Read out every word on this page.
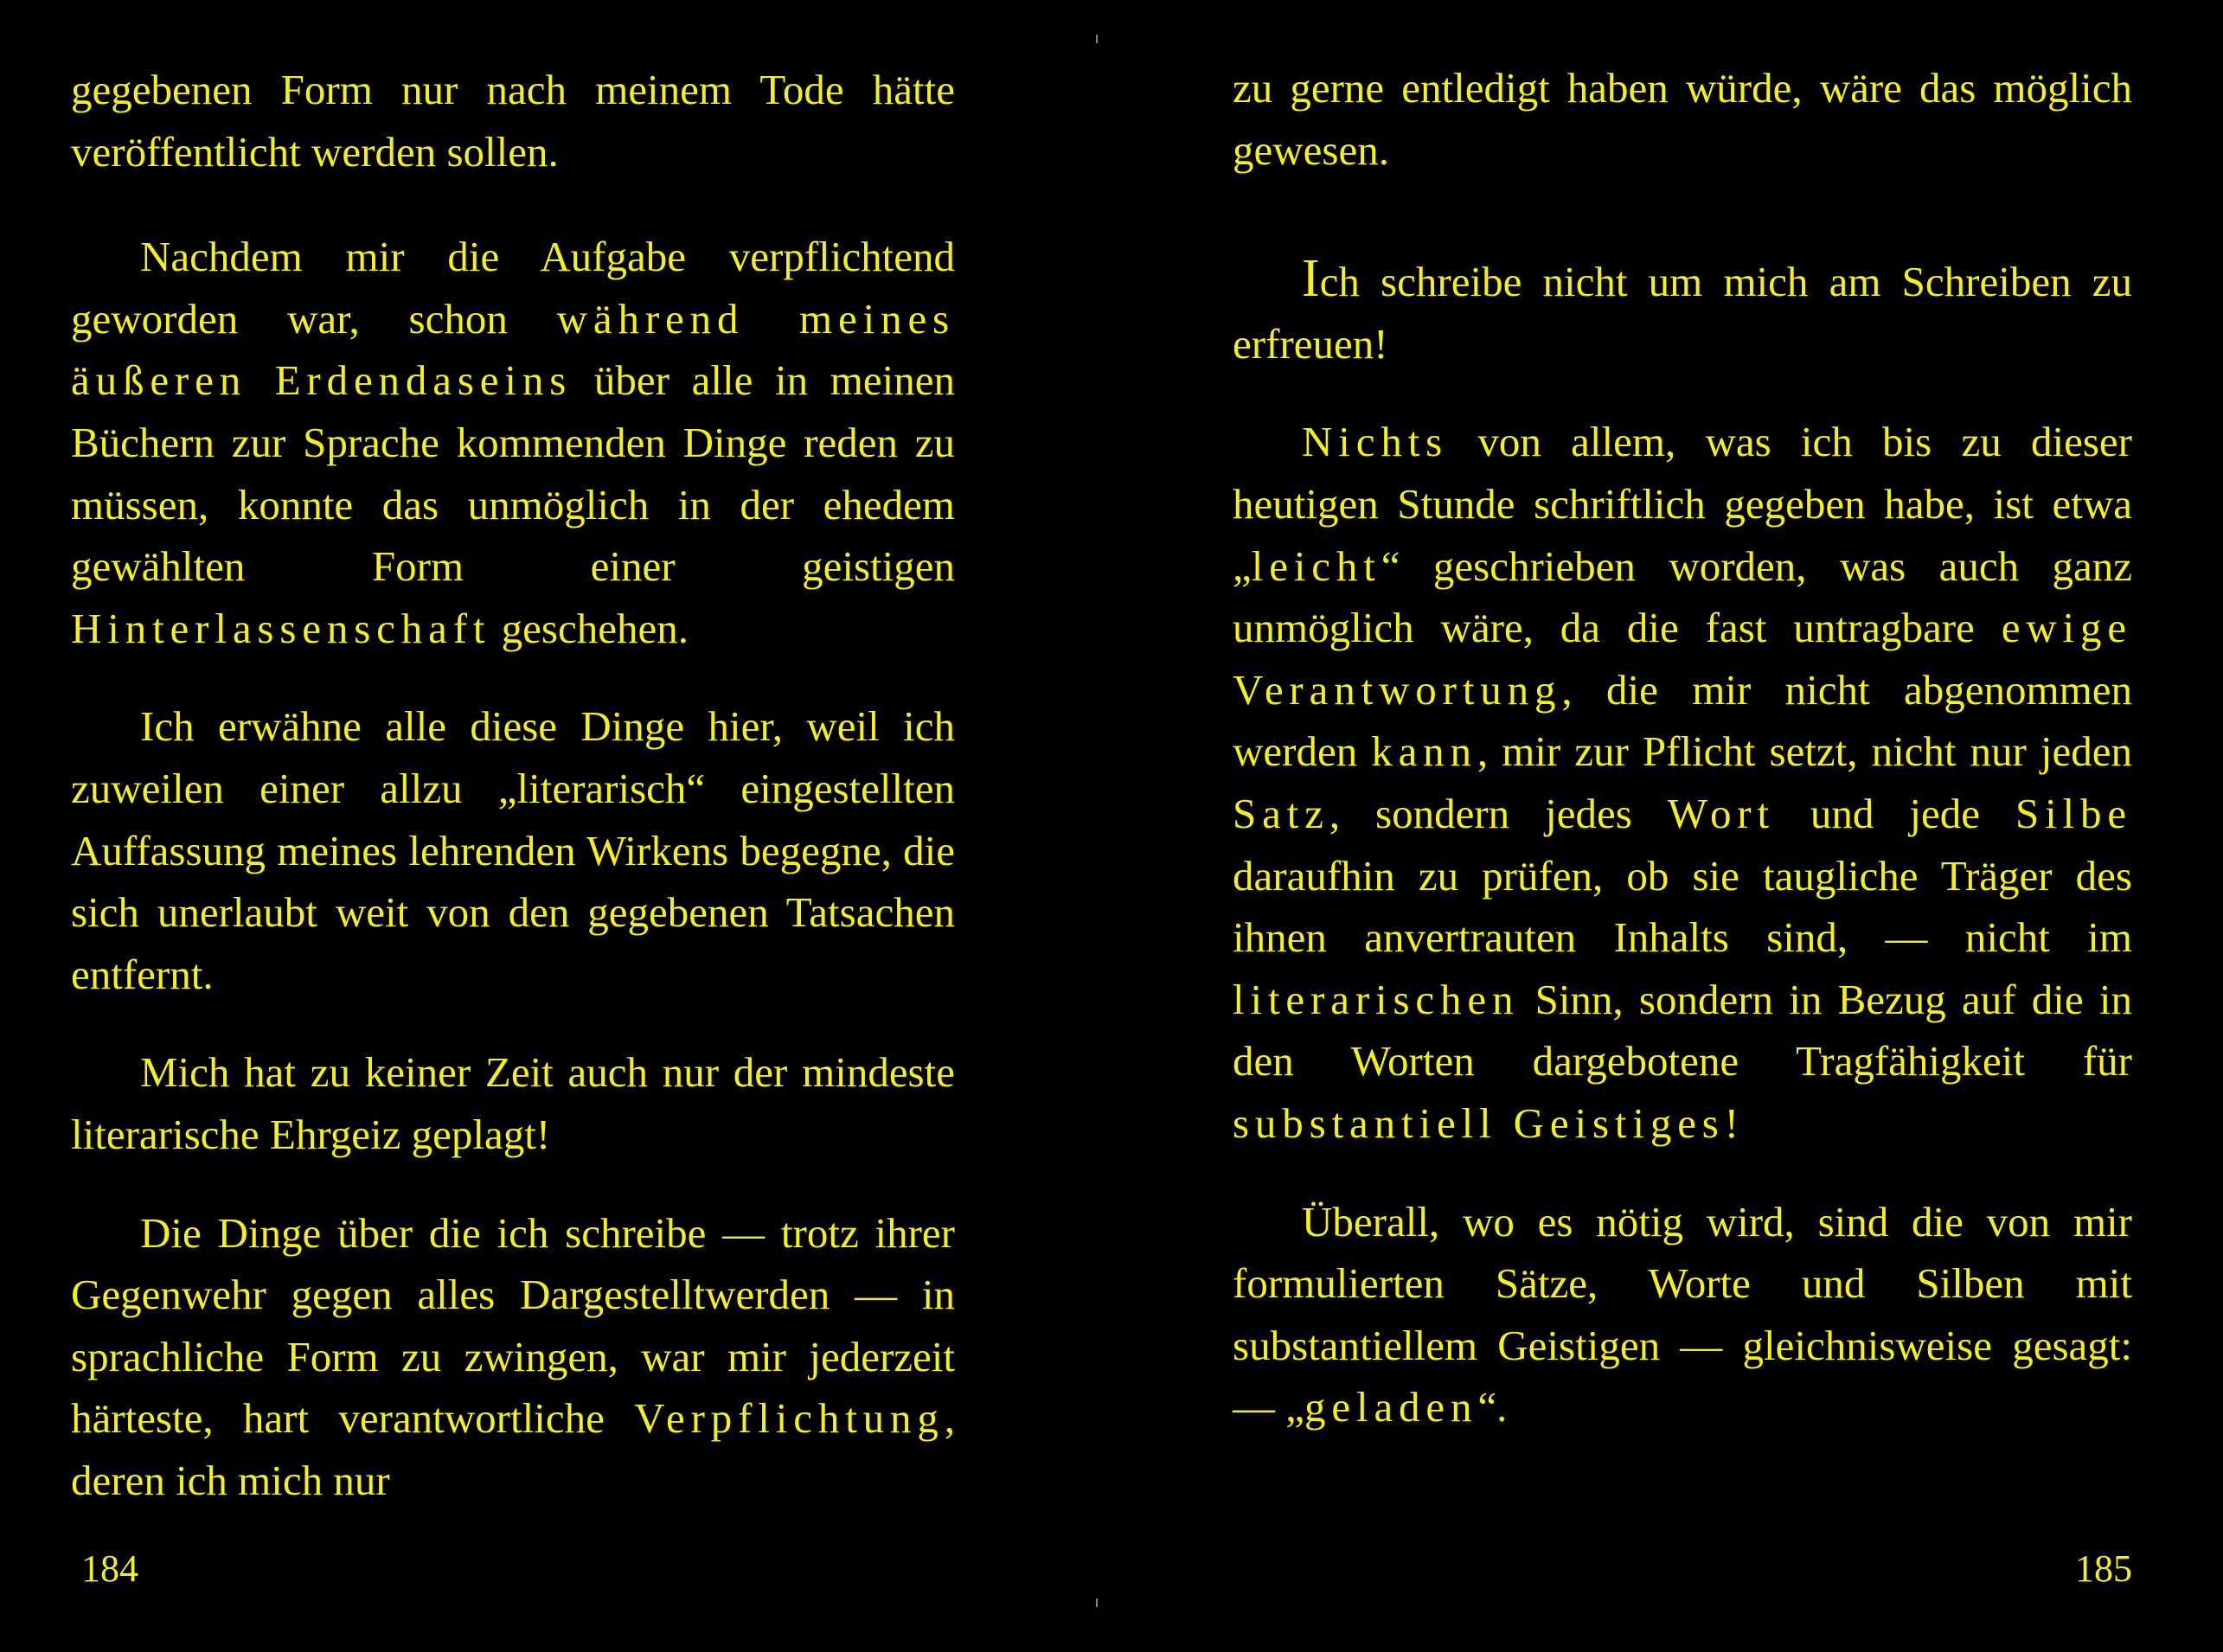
gegebenen Form nur nach meinem Tode hätte veröffentlicht werden sollen.

Nachdem mir die Aufgabe verpflichtend geworden war, schon während meines äußeren Erdendaseins über alle in meinen Büchern zur Sprache kommenden Dinge reden zu müssen, konnte das unmöglich in der ehedem gewählten Form einer geistigen Hinterlassenschaft geschehen.

Ich erwähne alle diese Dinge hier, weil ich zuweilen einer allzu „literarisch“ eingestellten Auffassung meines lehrenden Wirkens begegne, die sich unerlaubt weit von den gegebenen Tatsachen entfernt.

Mich hat zu keiner Zeit auch nur der mindeste literarische Ehrgeiz geplagt!

Die Dinge über die ich schreibe — trotz ihrer Gegenwehr gegen alles Dargestelltwerden — in sprachliche Form zu zwingen, war mir jederzeit härteste, hart verantwortliche Verpflichtung, deren ich mich nur

184

zu gerne entledigt haben würde, wäre das möglich gewesen.

Ich schreibe nicht um mich am Schreiben zu erfreuen!

Nichts von allem, was ich bis zu dieser heutigen Stunde schriftlich gegeben habe, ist etwa „leicht“ geschrieben worden, was auch ganz unmöglich wäre, da die fast untragbare ewige Verantwortung, die mir nicht abgenommen werden kann, mir zur Pflicht setzt, nicht nur jeden Satz, sondern jedes Wort und jede Silbe daraufhin zu prüfen, ob sie taugliche Träger des ihnen anvertrauten Inhalts sind, — nicht im literarischen Sinn, sondern in Bezug auf die in den Worten dargebotene Tragfähigkeit für substantiell Geistiges!

Überall, wo es nötig wird, sind die von mir formulierten Sätze, Worte und Silben mit substantiellem Geistigen — gleichnisweise gesagt: — „geladen“.

185
